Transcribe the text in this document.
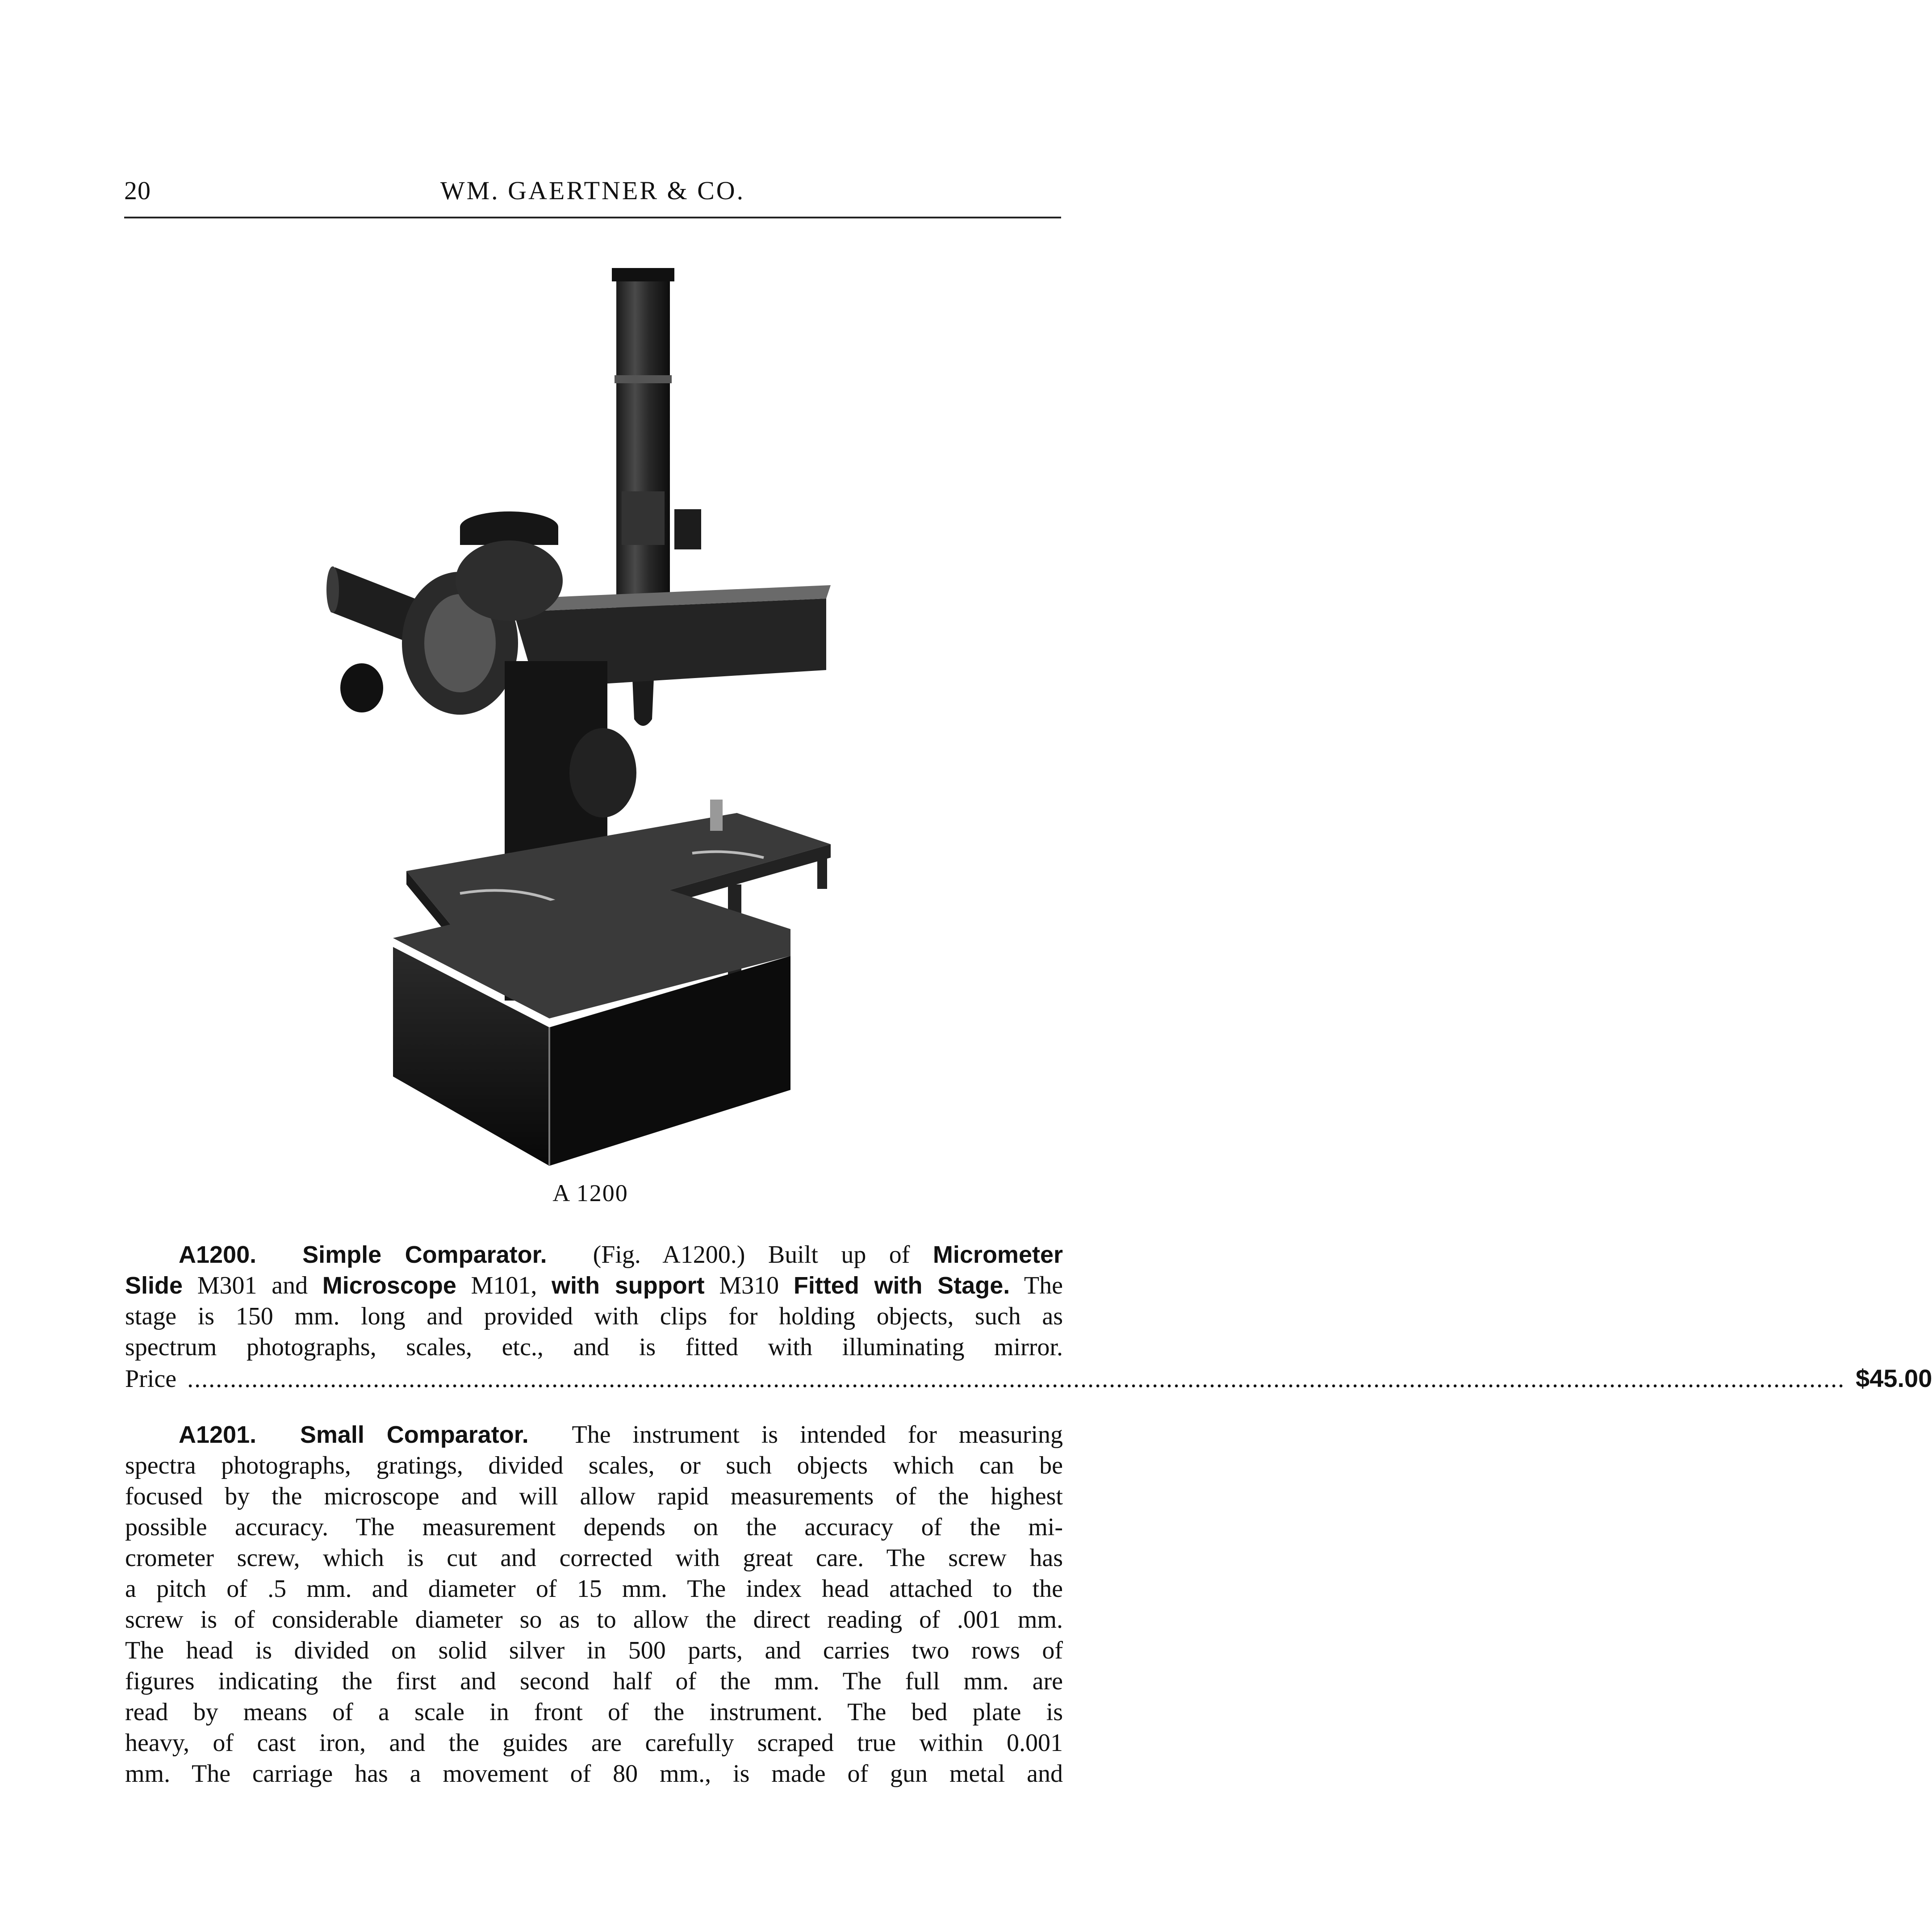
20	WM. GAERTNER & CO.
A 1200
A1200. Simple Comparator. (Fig. A1200.) Built up of Micrometer
Slide M301 and Microscope M101, with support M310 Fitted with Stage. The
stage is 150 mm. long and provided with clips for holding objects, such as
spectrum photographs, scales, etc., and is fitted with illuminating mirror.
Price ........................................................................................................................................................................................................................................ $45.00
A1201. Small Comparator. The instrument is intended for measuring
spectra photographs, gratings, divided scales, or such objects which can be
focused by the microscope and will allow rapid measurements of the highest
possible accuracy. The measurement depends on the accuracy of the mi-
crometer screw, which is cut and corrected with great care. The screw has
a pitch of .5 mm. and diameter of 15 mm. The index head attached to the
screw is of considerable diameter so as to allow the direct reading of .001 mm.
The head is divided on solid silver in 500 parts, and carries two rows of
figures indicating the first and second half of the mm. The full mm. are
read by means of a scale in front of the instrument. The bed plate is
heavy, of cast iron, and the guides are carefully scraped true within 0.001
mm. The carriage has a movement of 80 mm., is made of gun metal and
